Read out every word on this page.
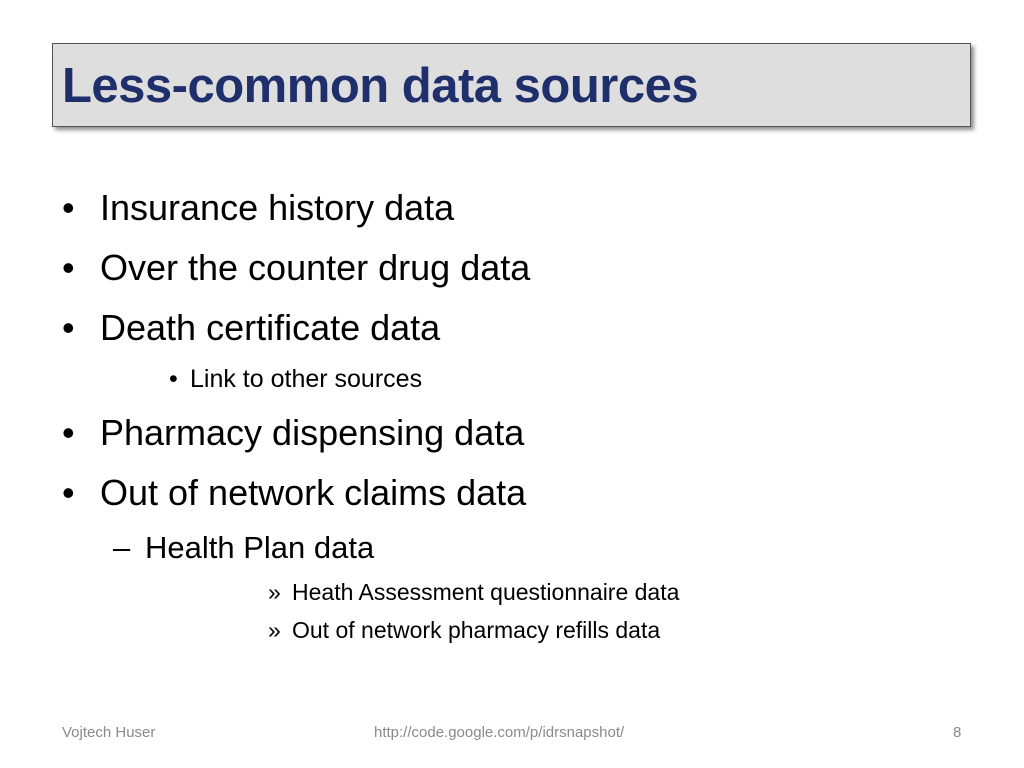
Less-common data sources
• Insurance history data
• Over the counter drug data
• Death certificate data
• Link to other sources
• Pharmacy dispensing data
• Out of network claims data
– Health Plan data
» Heath Assessment questionnaire data
» Out of network pharmacy refills data
Vojtech Huser	http://code.google.com/p/idrsnapshot/	8
